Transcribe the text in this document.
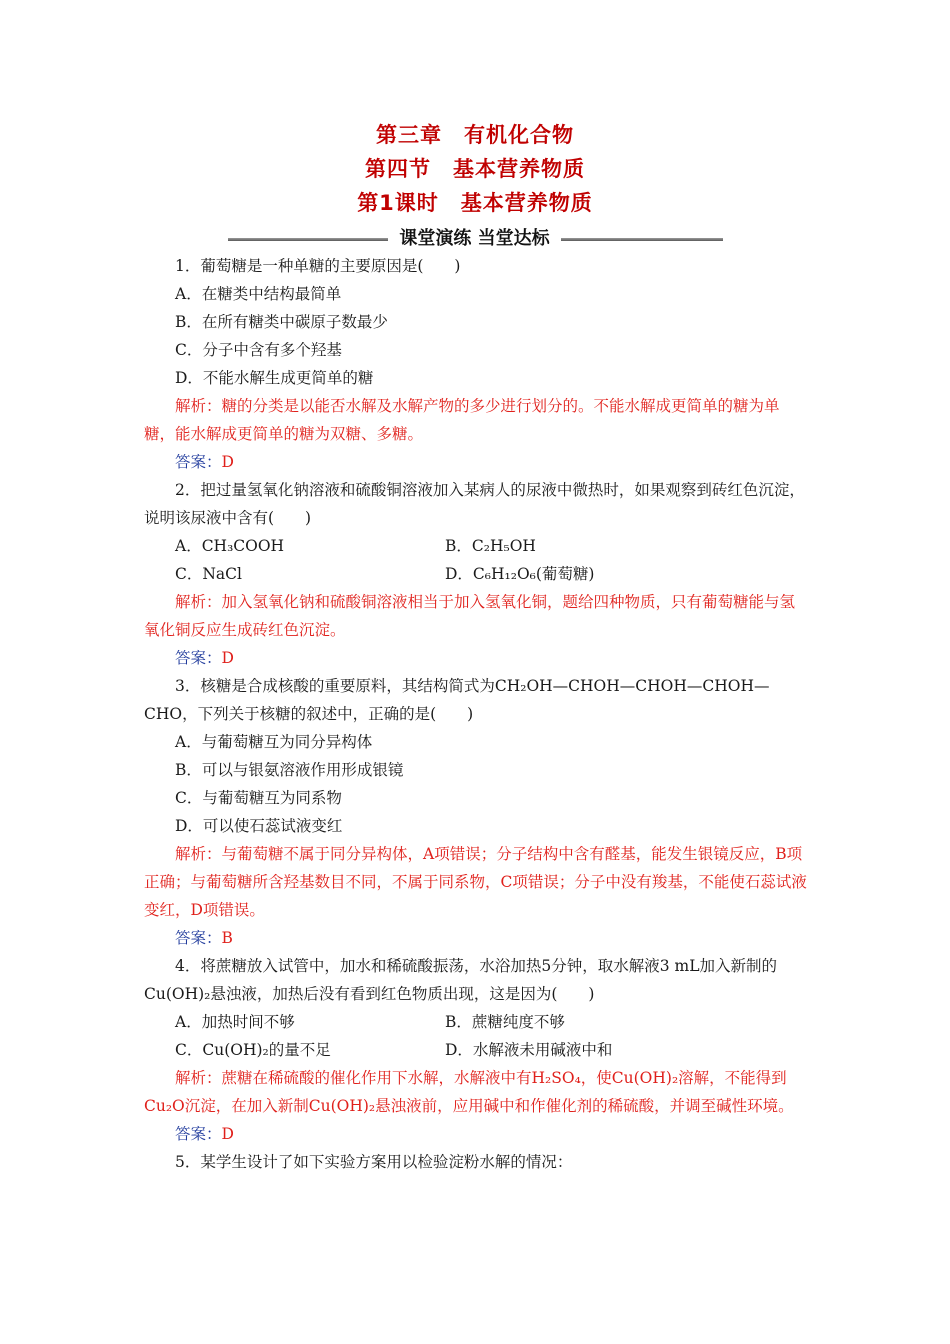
第三章　有机化合物
第四节　基本营养物质
第1课时　基本营养物质
课堂演练 当堂达标

1．葡萄糖是一种单糖的主要原因是(　　)

A．在糖类中结构最简单
B．在所有糖类中碳原子数最少
C．分子中含有多个羟基
D．不能水解生成更简单的糖

解析：糖的分类是以能否水解及水解产物的多少进行划分的。不能水解成更简单的糖为单糖，能水解成更简单的糖为双糖、多糖。

答案：D

2．把过量氢氧化钠溶液和硫酸铜溶液加入某病人的尿液中微热时，如果观察到砖红色沉淀，说明该尿液中含有(　　)

A．CH₃COOH	B．C₂H₅OH
C．NaCl	D．C₆H₁₂O₆(葡萄糖)

解析：加入氢氧化钠和硫酸铜溶液相当于加入氢氧化铜，题给四种物质，只有葡萄糖能与氢氧化铜反应生成砖红色沉淀。

答案：D

3．核糖是合成核酸的重要原料，其结构简式为CH₂OH—CHOH—CHOH—CHOH—CHO，下列关于核糖的叙述中，正确的是(　　)

A．与葡萄糖互为同分异构体
B．可以与银氨溶液作用形成银镜
C．与葡萄糖互为同系物
D．可以使石蕊试液变红

解析：与葡萄糖不属于同分异构体，A项错误；分子结构中含有醛基，能发生银镜反应，B项正确；与葡萄糖所含羟基数目不同，不属于同系物，C项错误；分子中没有羧基，不能使石蕊试液变红，D项错误。

答案：B

4．将蔗糖放入试管中，加水和稀硫酸振荡，水浴加热5分钟，取水解液3 mL加入新制的Cu(OH)₂悬浊液，加热后没有看到红色物质出现，这是因为(　　)

A．加热时间不够	B．蔗糖纯度不够
C．Cu(OH)₂的量不足	D．水解液未用碱液中和

解析：蔗糖在稀硫酸的催化作用下水解，水解液中有H₂SO₄，使Cu(OH)₂溶解，不能得到Cu₂O沉淀，在加入新制Cu(OH)₂悬浊液前，应用碱中和作催化剂的稀硫酸，并调至碱性环境。

答案：D

5．某学生设计了如下实验方案用以检验淀粉水解的情况：
